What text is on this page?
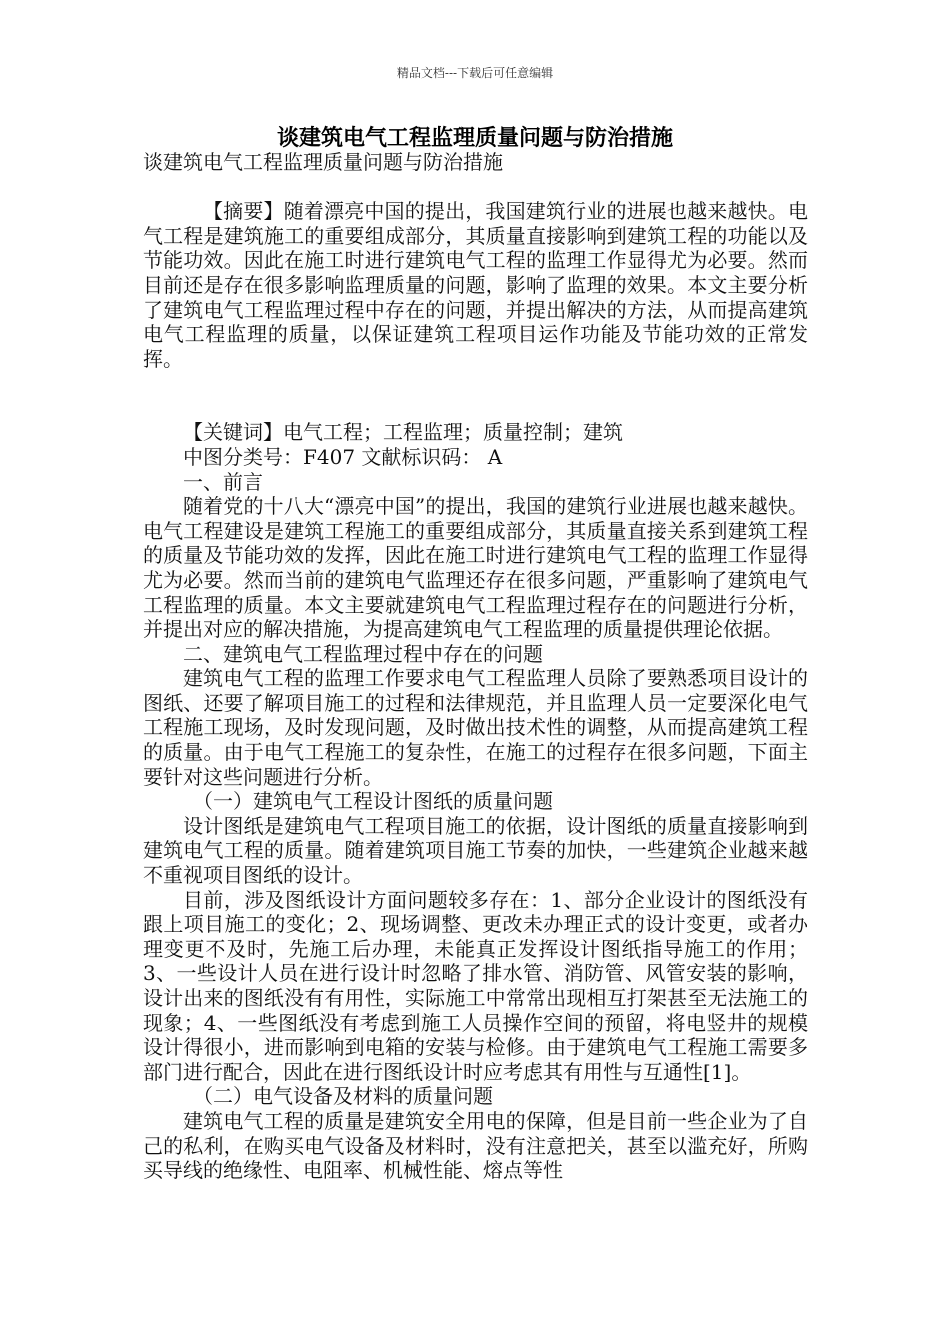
精品文档---下载后可任意编辑
谈建筑电气工程监理质量问题与防治措施

谈建筑电气工程监理质量问题与防治措施

【摘要】随着漂亮中国的提出，我国建筑行业的进展也越来越快。电气工程是建筑施工的重要组成部分，其质量直接影响到建筑工程的功能以及节能功效。因此在施工时进行建筑电气工程的监理工作显得尤为必要。然而目前还是存在很多影响监理质量的问题，影响了监理的效果。本文主要分析了建筑电气工程监理过程中存在的问题，并提出解决的方法，从而提高建筑电气工程监理的质量，以保证建筑工程项目运作功能及节能功效的正常发挥。

【关键词】电气工程；工程监理；质量控制；建筑

中图分类号：F407 文献标识码： A

一、前言

随着党的十八大“漂亮中国”的提出，我国的建筑行业进展也越来越快。电气工程建设是建筑工程施工的重要组成部分，其质量直接关系到建筑工程的质量及节能功效的发挥，因此在施工时进行建筑电气工程的监理工作显得尤为必要。然而当前的建筑电气监理还存在很多问题，严重影响了建筑电气工程监理的质量。本文主要就建筑电气工程监理过程存在的问题进行分析，并提出对应的解决措施，为提高建筑电气工程监理的质量提供理论依据。

二、建筑电气工程监理过程中存在的问题

建筑电气工程的监理工作要求电气工程监理人员除了要熟悉项目设计的图纸、还要了解项目施工的过程和法律规范，并且监理人员一定要深化电气工程施工现场，及时发现问题，及时做出技术性的调整，从而提高建筑工程的质量。由于电气工程施工的复杂性，在施工的过程存在很多问题，下面主要针对这些问题进行分析。

（一）建筑电气工程设计图纸的质量问题

设计图纸是建筑电气工程项目施工的依据，设计图纸的质量直接影响到建筑电气工程的质量。随着建筑项目施工节奏的加快，一些建筑企业越来越不重视项目图纸的设计。

目前，涉及图纸设计方面问题较多存在：1、部分企业设计的图纸没有跟上项目施工的变化；2、现场调整、更改未办理正式的设计变更，或者办理变更不及时，先施工后办理，未能真正发挥设计图纸指导施工的作用；3、一些设计人员在进行设计时忽略了排水管、消防管、风管安装的影响，设计出来的图纸没有有用性，实际施工中常常出现相互打架甚至无法施工的现象；4、一些图纸没有考虑到施工人员操作空间的预留，将电竖井的规模设计得很小，进而影响到电箱的安装与检修。由于建筑电气工程施工需要多部门进行配合，因此在进行图纸设计时应考虑其有用性与互通性[1]。

（二）电气设备及材料的质量问题

建筑电气工程的质量是建筑安全用电的保障，但是目前一些企业为了自己的私利，在购买电气设备及材料时，没有注意把关，甚至以滥充好，所购买导线的绝缘性、电阻率、机械性能、熔点等性
